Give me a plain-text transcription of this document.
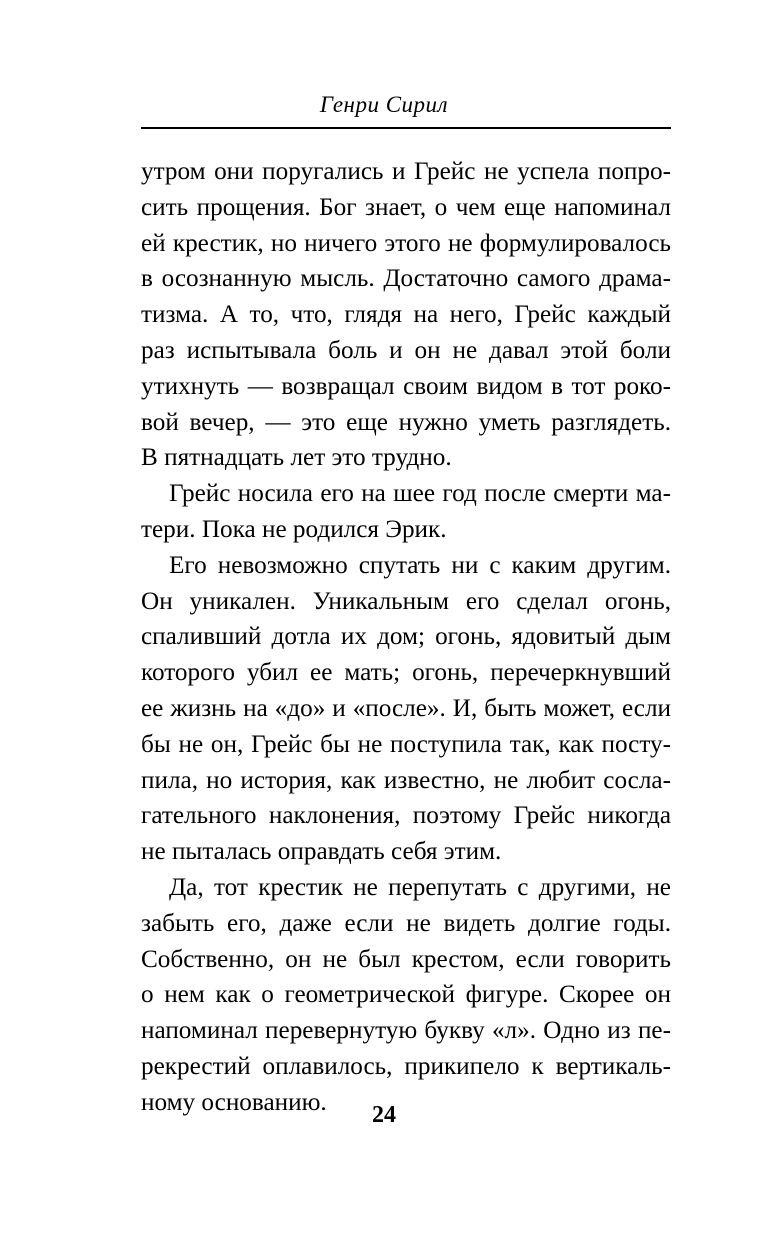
Генри Сирил

утром они поругались и Грейс не успела попро-
сить прощения. Бог знает, о чем еще напоминал
ей крестик, но ничего этого не формулировалось
в осознанную мысль. Достаточно самого драма-
тизма. А то, что, глядя на него, Грейс каждый
раз испытывала боль и он не давал этой боли
утихнуть — возвращал своим видом в тот роко-
вой вечер, — это еще нужно уметь разглядеть.
В пятнадцать лет это трудно.

Грейс носила его на шее год после смерти ма-
тери. Пока не родился Эрик.

Его невозможно спутать ни с каким другим.
Он уникален. Уникальным его сделал огонь,
спаливший дотла их дом; огонь, ядовитый дым
которого убил ее мать; огонь, перечеркнувший
ее жизнь на «до» и «после». И, быть может, если
бы не он, Грейс бы не поступила так, как посту-
пила, но история, как известно, не любит сосла-
гательного наклонения, поэтому Грейс никогда
не пыталась оправдать себя этим.

Да, тот крестик не перепутать с другими, не
забыть его, даже если не видеть долгие годы.
Собственно, он не был крестом, если говорить
о нем как о геометрической фигуре. Скорее он
напоминал перевернутую букву «л». Одно из пе-
рекрестий оплавилось, прикипело к вертикаль-
ному основанию.	24
